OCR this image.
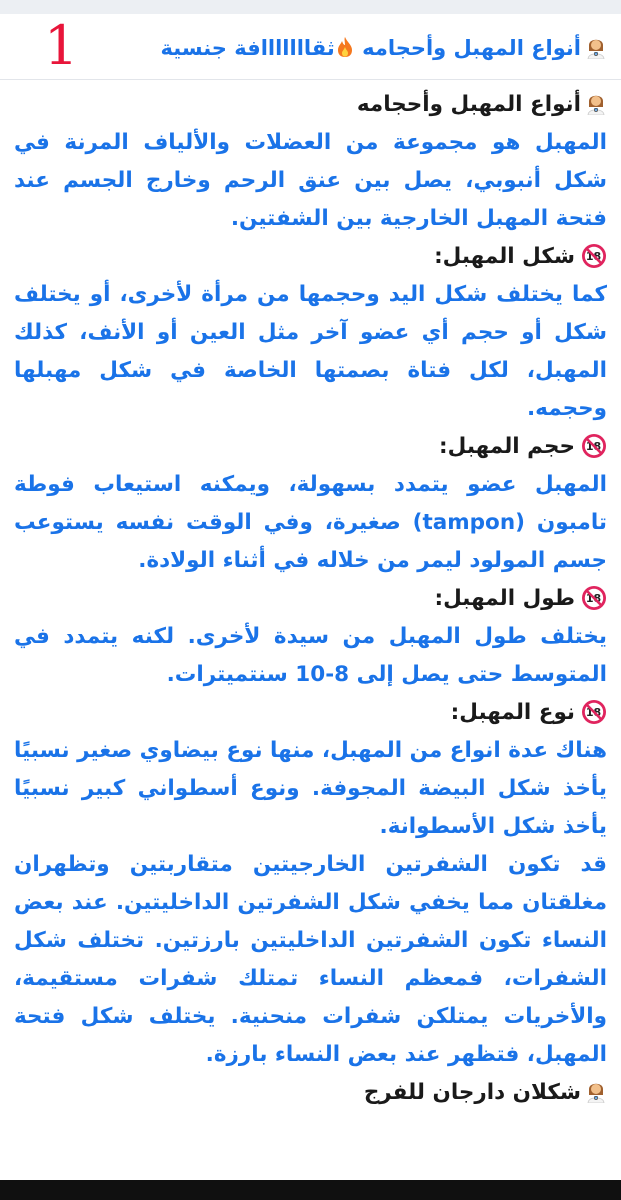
1	أنواع المهبل وأحجامه ثقااااااافة جنسية

أنواع المهبل وأحجامه

المهبل هو مجموعة من العضلات والألياف المرنة في شكل أنبوبي، يصل بين عنق الرحم وخارج الجسم عند فتحة المهبل الخارجية بين الشفتين.

شكل المهبل:

كما يختلف شكل اليد وحجمها من مرأة لأخرى، أو يختلف شكل أو حجم أي عضو آخر مثل العين أو الأنف، كذلك المهبل، لكل فتاة بصمتها الخاصة في شكل مهبلها وحجمه.

حجم المهبل:

المهبل عضو يتمدد بسهولة، ويمكنه استيعاب فوطة تامبون (tampon) صغيرة، وفي الوقت نفسه يستوعب جسم المولود ليمر من خلاله في أثناء الولادة.

طول المهبل:

يختلف طول المهبل من سيدة لأخرى. لكنه يتمدد في المتوسط حتى يصل إلى 8-10 سنتميترات.

نوع المهبل:

هناك عدة انواع من المهبل، منها نوع بيضاوي صغير نسبيًا يأخذ شكل البيضة المجوفة. ونوع أسطواني كبير نسبيًا يأخذ شكل الأسطوانة.

قد تكون الشفرتين الخارجيتين متقاربتين وتظهران مغلقتان مما يخفي شكل الشفرتين الداخليتين. عند بعض النساء تكون الشفرتين الداخليتين بارزتين. تختلف شكل الشفرات، فمعظم النساء تمتلك شفرات مستقيمة، والأخريات يمتلكن شفرات منحنية. يختلف شكل فتحة المهبل، فتظهر عند بعض النساء بارزة.

شكلان دارجان للفرج
